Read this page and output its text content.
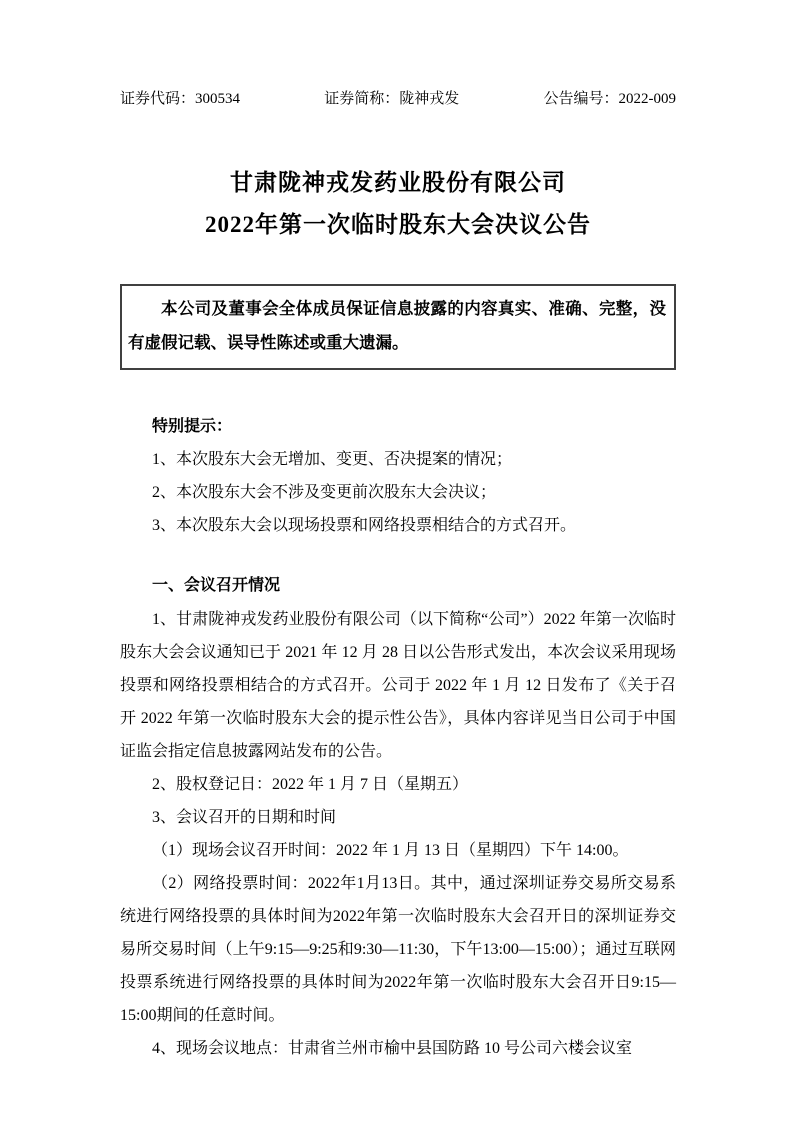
证券代码：300534	证券简称：陇神戎发	公告编号：2022-009
甘肃陇神戎发药业股份有限公司
2022年第一次临时股东大会决议公告

本公司及董事会全体成员保证信息披露的内容真实、准确、完整，没有虚假记载、误导性陈述或重大遗漏。

特别提示：

1、本次股东大会无增加、变更、否决提案的情况；

2、本次股东大会不涉及变更前次股东大会决议；

3、本次股东大会以现场投票和网络投票相结合的方式召开。

一、会议召开情况

1、甘肃陇神戎发药业股份有限公司（以下简称“公司”）2022 年第一次临时股东大会会议通知已于 2021 年 12 月 28 日以公告形式发出，本次会议采用现场投票和网络投票相结合的方式召开。公司于 2022 年 1 月 12 日发布了《关于召开 2022 年第一次临时股东大会的提示性公告》，具体内容详见当日公司于中国证监会指定信息披露网站发布的公告。

2、股权登记日：2022 年 1 月 7 日（星期五）

3、会议召开的日期和时间

（1）现场会议召开时间：2022 年 1 月 13 日（星期四）下午 14:00。

（2）网络投票时间：2022年1月13日。其中，通过深圳证券交易所交易系统进行网络投票的具体时间为2022年第一次临时股东大会召开日的深圳证券交易所交易时间（上午9:15—9:25和9:30—11:30，下午13:00—15:00）；通过互联网投票系统进行网络投票的具体时间为2022年第一次临时股东大会召开日9:15—15:00期间的任意时间。

4、现场会议地点：甘肃省兰州市榆中县国防路 10 号公司六楼会议室
